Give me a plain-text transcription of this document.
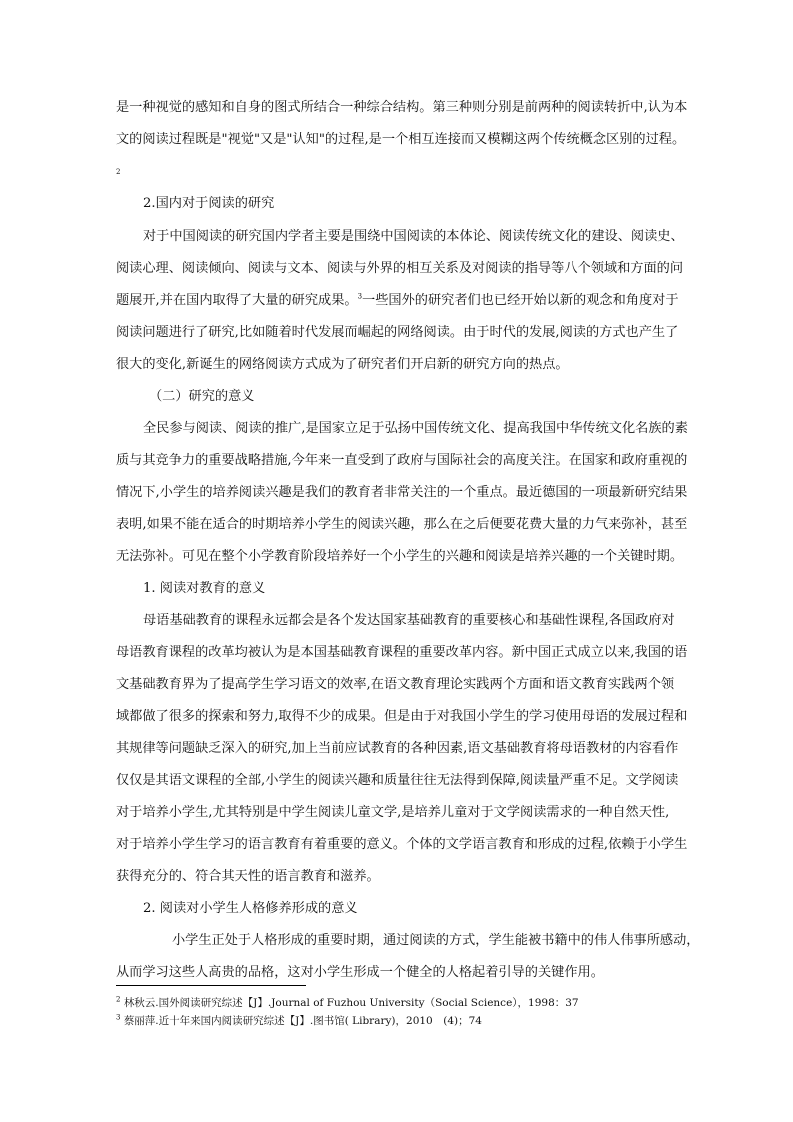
是一种视觉的感知和自身的图式所结合一种综合结构。第三种则分别是前两种的阅读转折中,认为本
文的阅读过程既是"视觉"又是"认知"的过程,是一个相互连接而又模糊这两个传统概念区别的过程。
2
2.国内对于阅读的研究
对于中国阅读的研究国内学者主要是围绕中国阅读的本体论、阅读传统文化的建设、阅读史、
阅读心理、阅读倾向、阅读与文本、阅读与外界的相互关系及对阅读的指导等八个领域和方面的问
题展开,并在国内取得了大量的研究成果。$^3$一些国外的研究者们也已经开始以新的观念和角度对于
阅读问题进行了研究,比如随着时代发展而崛起的网络阅读。由于时代的发展,阅读的方式也产生了
很大的变化,新诞生的网络阅读方式成为了研究者们开启新的研究方向的热点。
（二）研究的意义
全民参与阅读、阅读的推广,是国家立足于弘扬中国传统文化、提高我国中华传统文化名族的素
质与其竞争力的重要战略措施,今年来一直受到了政府与国际社会的高度关注。在国家和政府重视的
情况下,小学生的培养阅读兴趣是我们的教育者非常关注的一个重点。最近德国的一项最新研究结果
表明,如果不能在适合的时期培养小学生的阅读兴趣，那么在之后便要花费大量的力气来弥补，甚至
无法弥补。可见在整个小学教育阶段培养好一个小学生的兴趣和阅读是培养兴趣的一个关键时期。
1. 阅读对教育的意义
母语基础教育的课程永远都会是各个发达国家基础教育的重要核心和基础性课程,各国政府对
母语教育课程的改革均被认为是本国基础教育课程的重要改革内容。新中国正式成立以来,我国的语
文基础教育界为了提高学生学习语文的效率,在语文教育理论实践两个方面和语文教育实践两个领
域都做了很多的探索和努力,取得不少的成果。但是由于对我国小学生的学习使用母语的发展过程和
其规律等问题缺乏深入的研究,加上当前应试教育的各种因素,语文基础教育将母语教材的内容看作
仅仅是其语文课程的全部,小学生的阅读兴趣和质量往往无法得到保障,阅读量严重不足。文学阅读
对于培养小学生,尤其特别是中学生阅读儿童文学,是培养儿童对于文学阅读需求的一种自然天性,
对于培养小学生学习的语言教育有着重要的意义。个体的文学语言教育和形成的过程,依赖于小学生
获得充分的、符合其天性的语言教育和滋养。
2. 阅读对小学生人格修养形成的意义
小学生正处于人格形成的重要时期，通过阅读的方式，学生能被书籍中的伟人伟事所感动，
从而学习这些人高贵的品格，这对小学生形成一个健全的人格起着引导的关键作用。
$^2$ 林秋云.国外阅读研究综述【J】.Journal of Fuzhou University（Social Science），1998：37
$^3$ 蔡丽萍.近十年来国内阅读研究综述【J】.图书馆( Library)，2010　(4)；74
